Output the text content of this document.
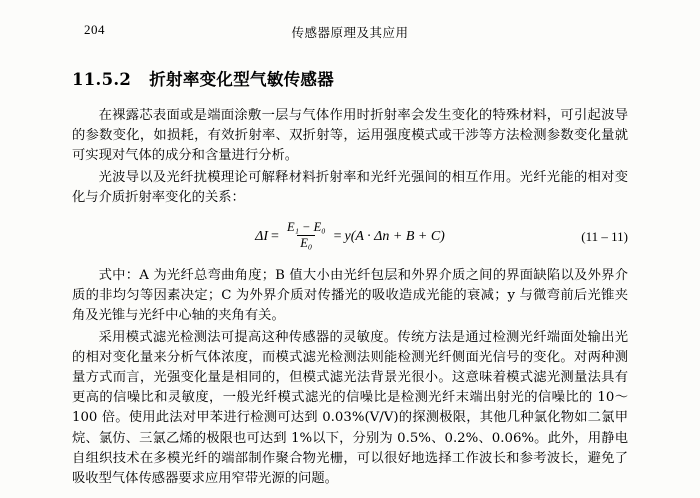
204	传感器原理及其应用
11.5.2 折射率变化型气敏传感器

在裸露芯表面或是端面涂敷一层与气体作用时折射率会发生变化的特殊材料，可引起波导的参数变化，如损耗，有效折射率、双折射等，运用强度模式或干涉等方法检测参数变化量就可实现对气体的成分和含量进行分析。

光波导以及光纤扰模理论可解释材料折射率和光纤光强间的相互作用。光纤光能的相对变化与介质折射率变化的关系：

$\Delta I = \frac{\text{E₁ − E₀}}{\text{E₀}} = y(A \cdot \Delta n + B + C)$	(11 – 11)

式中：A 为光纤总弯曲角度；B 值大小由光纤包层和外界介质之间的界面缺陷以及外界介质的非均匀等因素决定；C 为外界介质对传播光的吸收造成光能的衰减；y 与微弯前后光锥夹角及光锥与光纤中心轴的夹角有关。

采用模式滤光检测法可提高这种传感器的灵敏度。传统方法是通过检测光纤端面处输出光的相对变化量来分析气体浓度，而模式滤光检测法则能检测光纤侧面光信号的变化。对两种测量方式而言，光强变化量是相同的，但模式滤光法背景光很小。这意味着模式滤光测量法具有更高的信噪比和灵敏度，一般光纤模式滤光的信噪比是检测光纤末端出射光的信噪比的 10～100 倍。使用此法对甲苯进行检测可达到 0.03%(V/V)的探测极限，其他几种氯化物如二氯甲烷、氯仿、三氯乙烯的极限也可达到 1%以下，分别为 0.5%、0.2%、0.06%。此外，用静电自组织技术在多模光纤的端部制作聚合物光栅，可以很好地选择工作波长和参考波长，避免了吸收型气体传感器要求应用窄带光源的问题。
